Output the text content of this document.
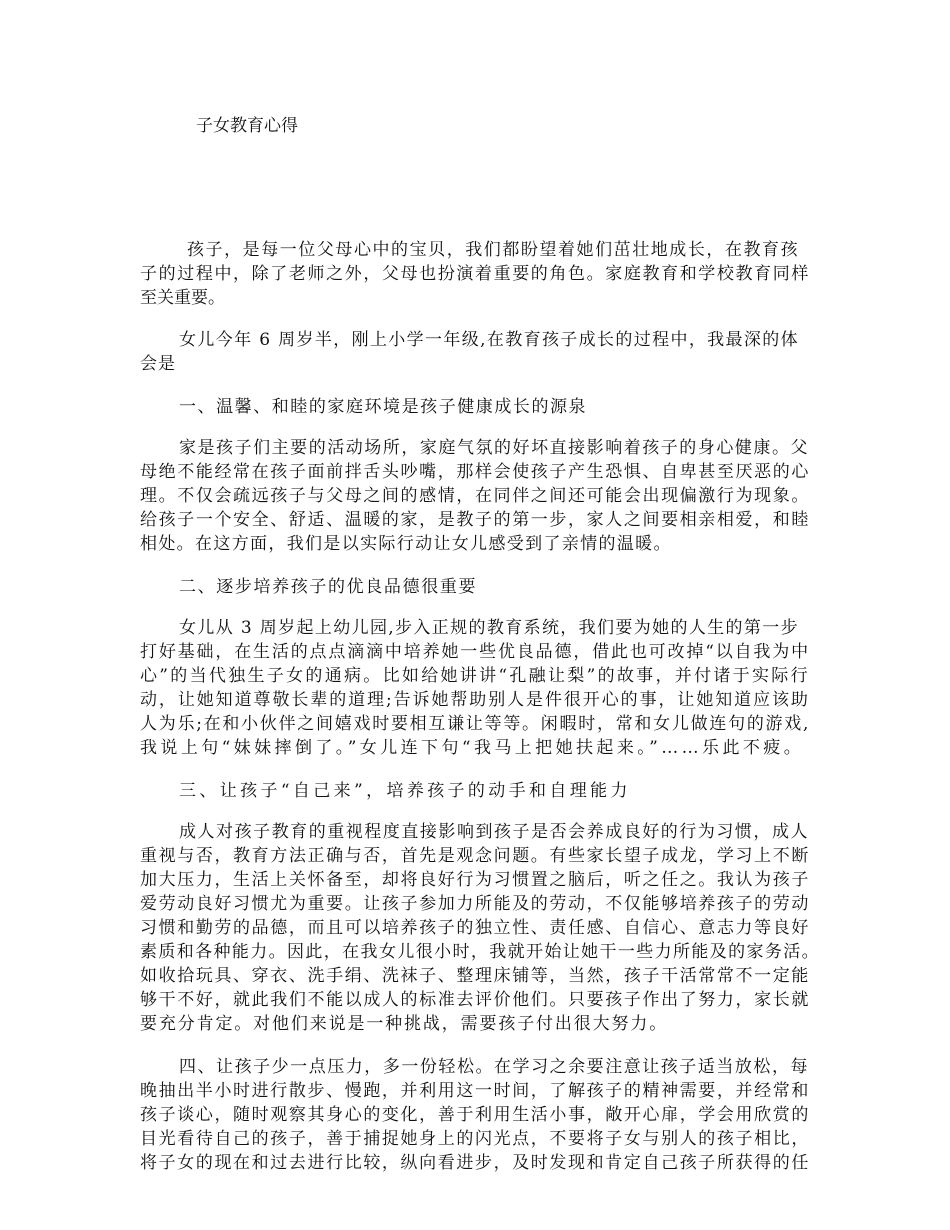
子女教育心得
孩子，是每一位父母心中的宝贝，我们都盼望着她们茁壮地成长，在教育孩
子的过程中，除了老师之外，父母也扮演着重要的角色。家庭教育和学校教育同样
至关重要。
女儿今年 6 周岁半，刚上小学一年级,在教育孩子成长的过程中，我最深的体
会是
一、温馨、和睦的家庭环境是孩子健康成长的源泉
家是孩子们主要的活动场所，家庭气氛的好坏直接影响着孩子的身心健康。父
母绝不能经常在孩子面前拌舌头吵嘴，那样会使孩子产生恐惧、自卑甚至厌恶的心
理。不仅会疏远孩子与父母之间的感情，在同伴之间还可能会出现偏激行为现象。
给孩子一个安全、舒适、温暖的家，是教子的第一步，家人之间要相亲相爱，和睦
相处。在这方面，我们是以实际行动让女儿感受到了亲情的温暖。
二、逐步培养孩子的优良品德很重要
女儿从 3 周岁起上幼儿园,步入正规的教育系统，我们要为她的人生的第一步
打好基础，在生活的点点滴滴中培养她一些优良品德，借此也可改掉“以自我为中
心”的当代独生子女的通病。比如给她讲讲“孔融让梨”的故事，并付诸于实际行
动，让她知道尊敬长辈的道理;告诉她帮助别人是件很开心的事，让她知道应该助
人为乐;在和小伙伴之间嬉戏时要相互谦让等等。闲暇时，常和女儿做连句的游戏,
我说上句“妹妹摔倒了。”女儿连下句“我马上把她扶起来。”……乐此不疲。
三、让孩子“自己来”，培养孩子的动手和自理能力
成人对孩子教育的重视程度直接影响到孩子是否会养成良好的行为习惯，成人
重视与否，教育方法正确与否，首先是观念问题。有些家长望子成龙，学习上不断
加大压力，生活上关怀备至，却将良好行为习惯置之脑后，听之任之。我认为孩子
爱劳动良好习惯尤为重要。让孩子参加力所能及的劳动，不仅能够培养孩子的劳动
习惯和勤劳的品德，而且可以培养孩子的独立性、责任感、自信心、意志力等良好
素质和各种能力。因此，在我女儿很小时，我就开始让她干一些力所能及的家务活。
如收拾玩具、穿衣、洗手绢、洗袜子、整理床铺等，当然，孩子干活常常不一定能
够干不好，就此我们不能以成人的标准去评价他们。只要孩子作出了努力，家长就
要充分肯定。对他们来说是一种挑战，需要孩子付出很大努力。
四、让孩子少一点压力，多一份轻松。在学习之余要注意让孩子适当放松，每
晚抽出半小时进行散步、慢跑，并利用这一时间，了解孩子的精神需要，并经常和
孩子谈心，随时观察其身心的变化，善于利用生活小事，敞开心扉，学会用欣赏的
目光看待自己的孩子，善于捕捉她身上的闪光点，不要将子女与别人的孩子相比，
将子女的现在和过去进行比较，纵向看进步，及时发现和肯定自己孩子所获得的任
